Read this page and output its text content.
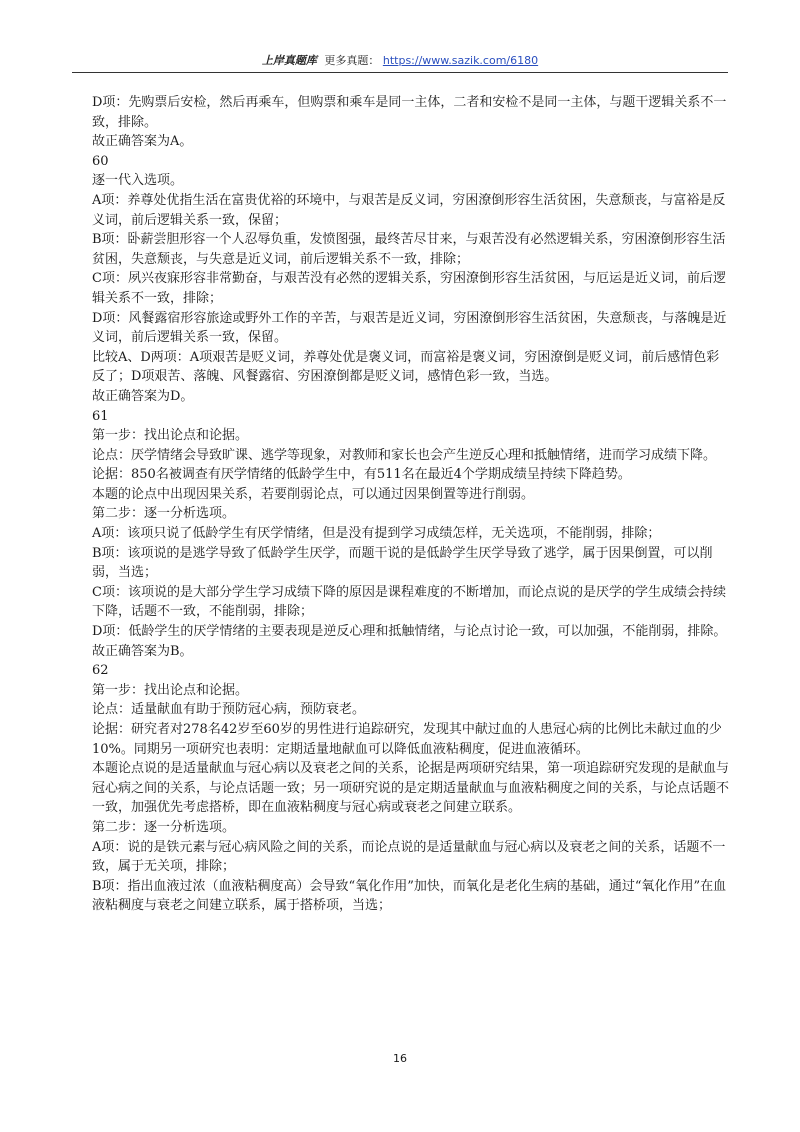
上岸真题库 更多真题： https://www.sazik.com/6180

D项：先购票后安检，然后再乘车，但购票和乘车是同一主体，二者和安检不是同一主体，与题干逻辑关系不一致，排除。

故正确答案为A。

60

逐一代入选项。

A项：养尊处优指生活在富贵优裕的环境中，与艰苦是反义词，穷困潦倒形容生活贫困，失意颓丧，与富裕是反义词，前后逻辑关系一致，保留；

B项：卧薪尝胆形容一个人忍辱负重，发愤图强，最终苦尽甘来，与艰苦没有必然逻辑关系，穷困潦倒形容生活贫困，失意颓丧，与失意是近义词，前后逻辑关系不一致，排除；

C项：夙兴夜寐形容非常勤奋，与艰苦没有必然的逻辑关系，穷困潦倒形容生活贫困，与厄运是近义词，前后逻辑关系不一致，排除；

D项：风餐露宿形容旅途或野外工作的辛苦，与艰苦是近义词，穷困潦倒形容生活贫困，失意颓丧，与落魄是近义词，前后逻辑关系一致，保留。

比较A、D两项：A项艰苦是贬义词，养尊处优是褒义词，而富裕是褒义词，穷困潦倒是贬义词，前后感情色彩反了；D项艰苦、落魄、风餐露宿、穷困潦倒都是贬义词，感情色彩一致，当选。

故正确答案为D。

61

第一步：找出论点和论据。

论点：厌学情绪会导致旷课、逃学等现象，对教师和家长也会产生逆反心理和抵触情绪，进而学习成绩下降。

论据：850名被调查有厌学情绪的低龄学生中，有511名在最近4个学期成绩呈持续下降趋势。

本题的论点中出现因果关系，若要削弱论点，可以通过因果倒置等进行削弱。

第二步：逐一分析选项。

A项：该项只说了低龄学生有厌学情绪，但是没有提到学习成绩怎样，无关选项，不能削弱，排除；

B项：该项说的是逃学导致了低龄学生厌学，而题干说的是低龄学生厌学导致了逃学，属于因果倒置，可以削弱，当选；

C项：该项说的是大部分学生学习成绩下降的原因是课程难度的不断增加，而论点说的是厌学的学生成绩会持续下降，话题不一致，不能削弱，排除；

D项：低龄学生的厌学情绪的主要表现是逆反心理和抵触情绪，与论点讨论一致，可以加强，不能削弱，排除。

故正确答案为B。

62

第一步：找出论点和论据。

论点：适量献血有助于预防冠心病，预防衰老。

论据：研究者对278名42岁至60岁的男性进行追踪研究，发现其中献过血的人患冠心病的比例比未献过血的少10%。同期另一项研究也表明：定期适量地献血可以降低血液粘稠度，促进血液循环。

本题论点说的是适量献血与冠心病以及衰老之间的关系，论据是两项研究结果，第一项追踪研究发现的是献血与冠心病之间的关系，与论点话题一致；另一项研究说的是定期适量献血与血液粘稠度之间的关系，与论点话题不一致，加强优先考虑搭桥，即在血液粘稠度与冠心病或衰老之间建立联系。

第二步：逐一分析选项。

A项：说的是铁元素与冠心病风险之间的关系，而论点说的是适量献血与冠心病以及衰老之间的关系，话题不一致，属于无关项，排除；

B项：指出血液过浓（血液粘稠度高）会导致“氧化作用”加快，而氧化是老化生病的基础，通过“氧化作用”在血液粘稠度与衰老之间建立联系，属于搭桥项，当选；

16
